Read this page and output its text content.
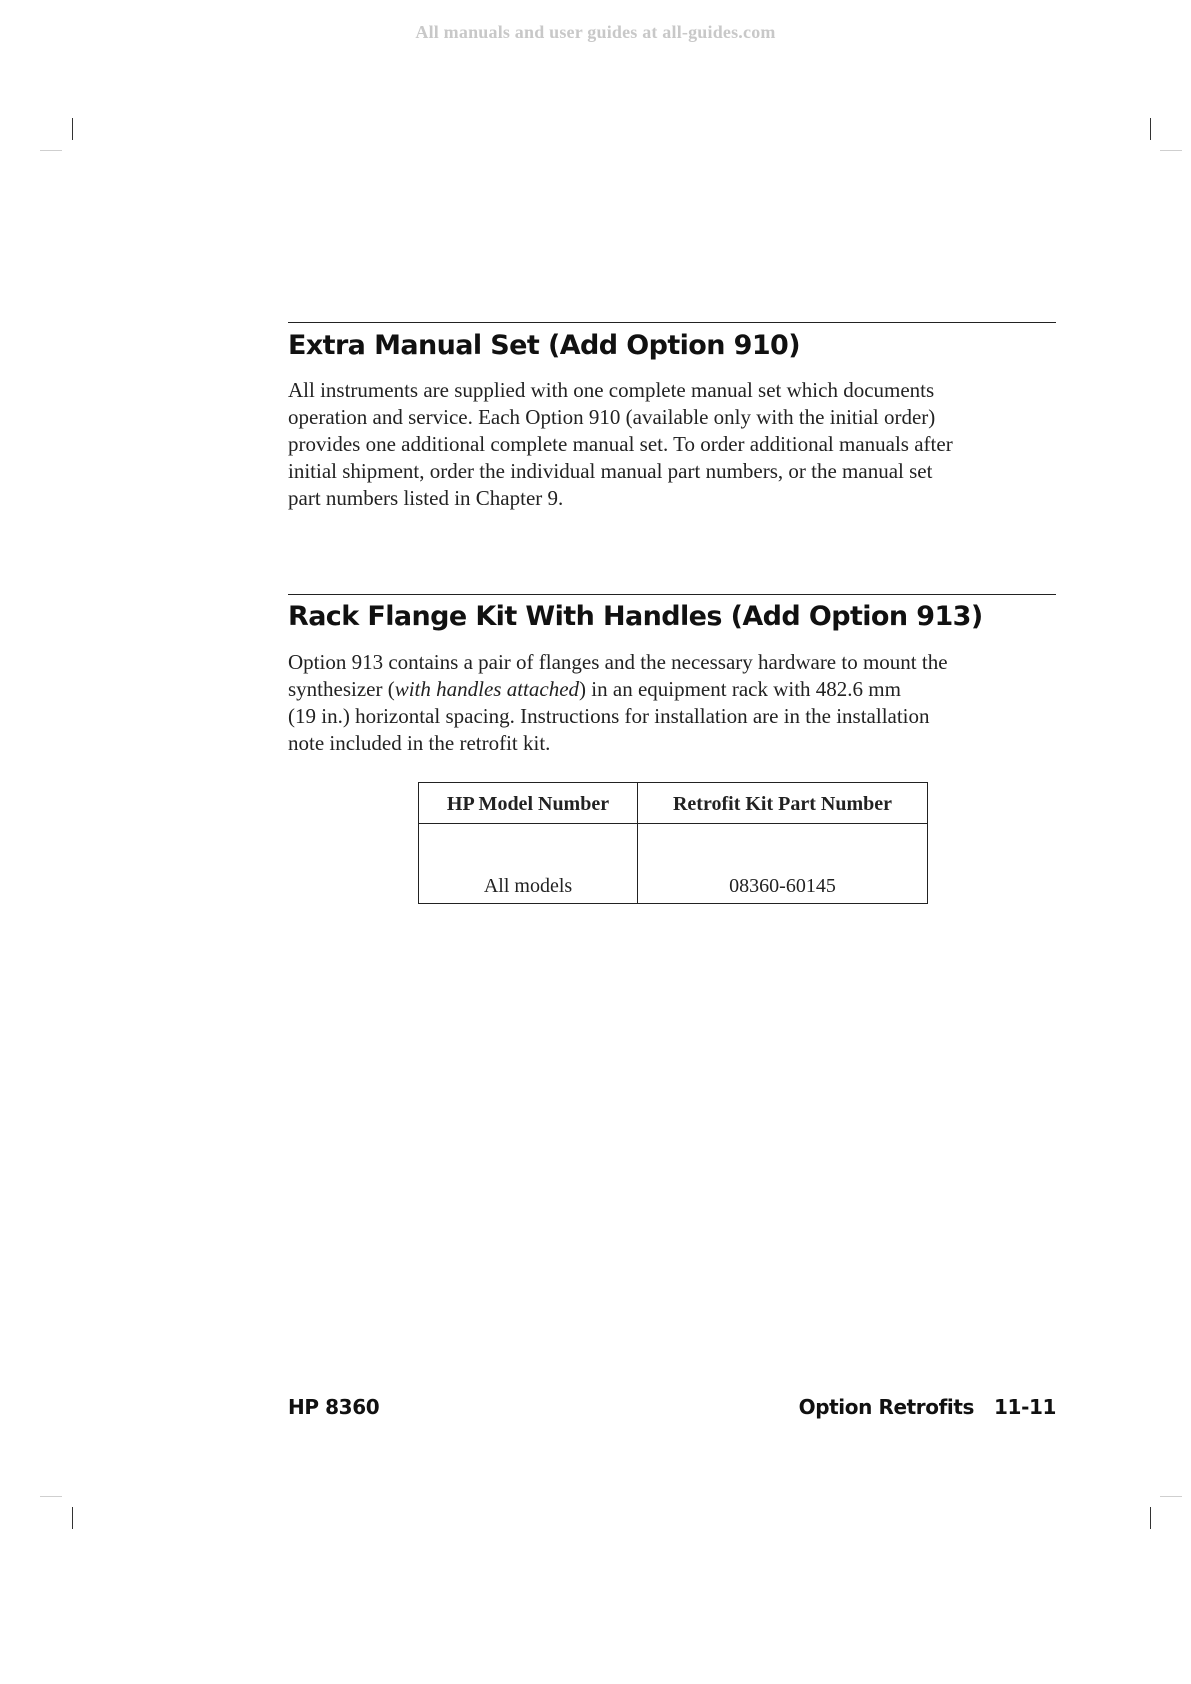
All manuals and user guides at all-guides.com
Extra Manual Set (Add Option 910)
All instruments are supplied with one complete manual set which documents
operation and service. Each Option 910 (available only with the initial order)
provides one additional complete manual set. To order additional manuals after
initial shipment, order the individual manual part numbers, or the manual set
part numbers listed in Chapter 9.
Rack Flange Kit With Handles (Add Option 913)
Option 913 contains a pair of flanges and the necessary hardware to mount the
synthesizer (with handles attached) in an equipment rack with 482.6 mm
(19 in.) horizontal spacing. Instructions for installation are in the installation
note included in the retrofit kit.
HP Model Number	Retrofit Kit Part Number
All models	08360-60145
HP 8360	Option Retrofits 11-11
